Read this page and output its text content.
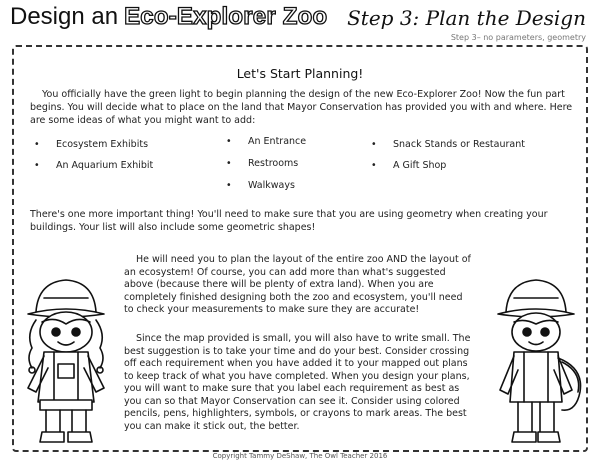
Design an Eco-Explorer Zoo Step 3: Plan the Design
Step 3– no parameters, geometry
Let's Start Planning!

You officially have the green light to begin planning the design of the new Eco-Explorer Zoo! Now the fun part begins. You will decide what to place on the land that Mayor Conservation has provided you with and where. Here are some ideas of what you might want to add:

• Ecosystem Exhibits
• An Aquarium Exhibit
• An Entrance
• Restrooms
• Walkways
• Snack Stands or Restaurant
• A Gift Shop

There's one more important thing! You'll need to make sure that you are using geometry when creating your buildings. Your list will also include some geometric shapes!

He will need you to plan the layout of the entire zoo AND the layout of an ecosystem! Of course, you can add more than what's suggested above (because there will be plenty of extra land). When you are completely finished designing both the zoo and ecosystem, you'll need to check your measurements to make sure they are accurate!

Since the map provided is small, you will also have to write small. The best suggestion is to take your time and do your best. Consider crossing off each requirement when you have added it to your mapped out plans to keep track of what you have completed. When you design your plans, you will want to make sure that you label each requirement as best as you can so that Mayor Conservation can see it. Consider using colored pencils, pens, highlighters, symbols, or crayons to mark areas. The best you can make it stick out, the better.

Copyright Tammy DeShaw, The Owl Teacher 2016
